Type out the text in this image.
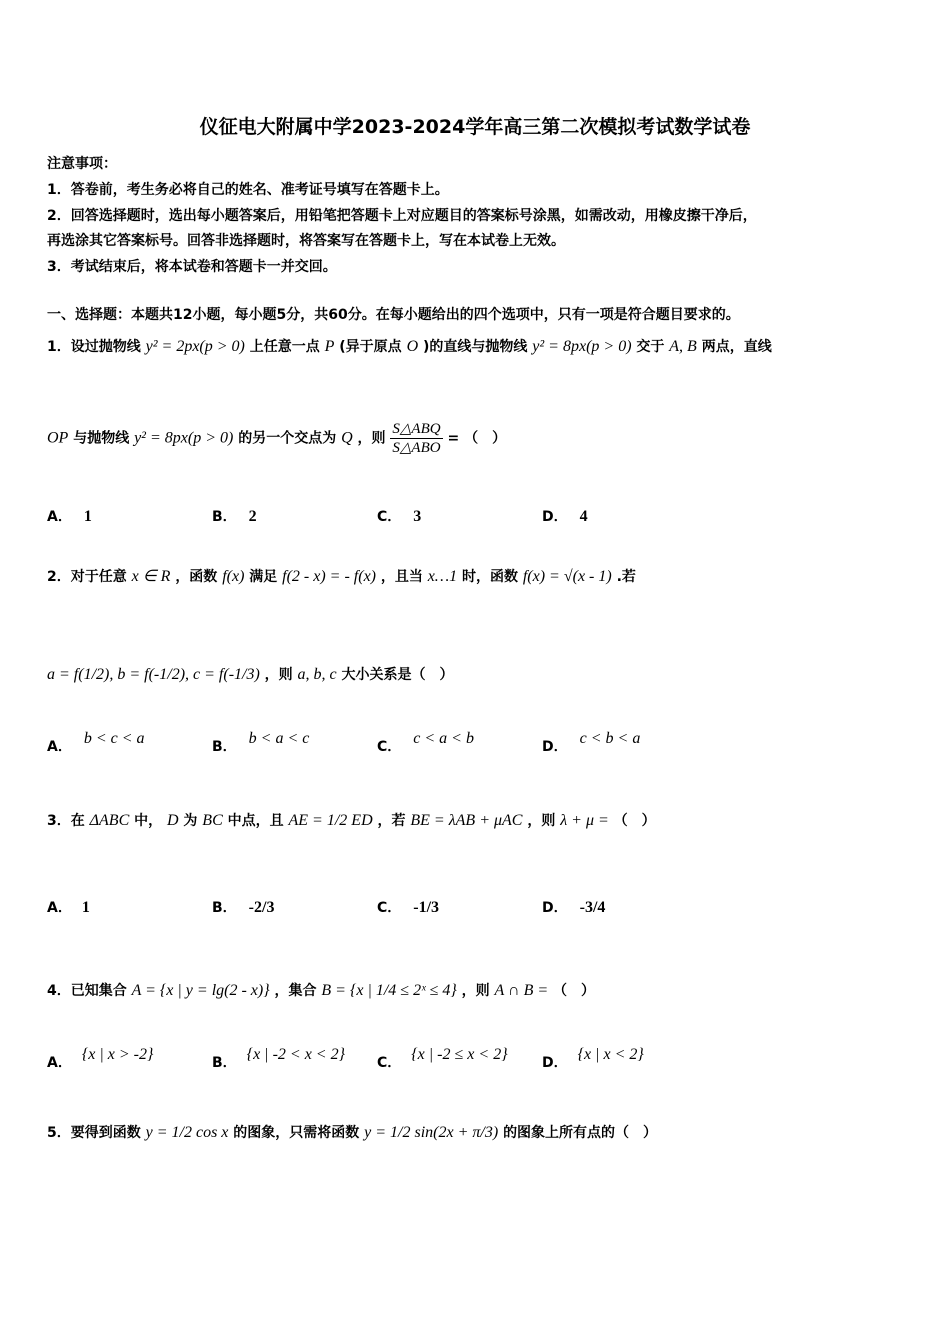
仪征电大附属中学2023-2024学年高三第二次模拟考试数学试卷
注意事项：
1．答卷前，考生务必将自己的姓名、准考证号填写在答题卡上。
2．回答选择题时，选出每小题答案后，用铅笔把答题卡上对应题目的答案标号涂黑，如需改动，用橡皮擦干净后，
再选涂其它答案标号。回答非选择题时，将答案写在答题卡上，写在本试卷上无效。
3．考试结束后，将本试卷和答题卡一并交回。
一、选择题：本题共12小题，每小题5分，共60分。在每小题给出的四个选项中，只有一项是符合题目要求的。
1．设过抛物线 y² = 2px(p > 0) 上任意一点 P (异于原点 O )的直线与抛物线 y² = 8px(p > 0) 交于 A, B 两点，直线
OP 与抛物线 y² = 8px(p > 0) 的另一个交点为 Q ，则 $\frac{\text{S△ABQ}}{\text{S△ABO}}$ = （　）
A． 1	B． 2	C． 3	D． 4
2．对于任意 x ∈ R ，函数 f(x) 满足 f(2 - x) = - f(x) ，且当 x…1 时，函数 f(x) = √(x - 1) .若
a = f(1/2), b = f(-1/2), c = f(-1/3) ，则 a, b, c 大小关系是（　）
A． b < c < a	B． b < a < c	C． c < a < b	D． c < b < a
3．在 ΔABC 中， D 为 BC 中点，且 AE = 1/2 ED ，若 BE = λAB + μAC ，则 λ + μ = （　）
A． 1	B． -2/3	C． -1/3	D． -3/4
4．已知集合 A = {x | y = lg(2 - x)} ，集合 B = {x | 1/4 ≤ 2ˣ ≤ 4} ，则 A ∩ B = （　）
A． {x | x > -2}	B． {x | -2 < x < 2} C． {x | -2 ≤ x < 2} D． {x | x < 2}
5．要得到函数 y = 1/2 cos x 的图象，只需将函数 y = 1/2 sin(2x + π/3) 的图象上所有点的（　）
